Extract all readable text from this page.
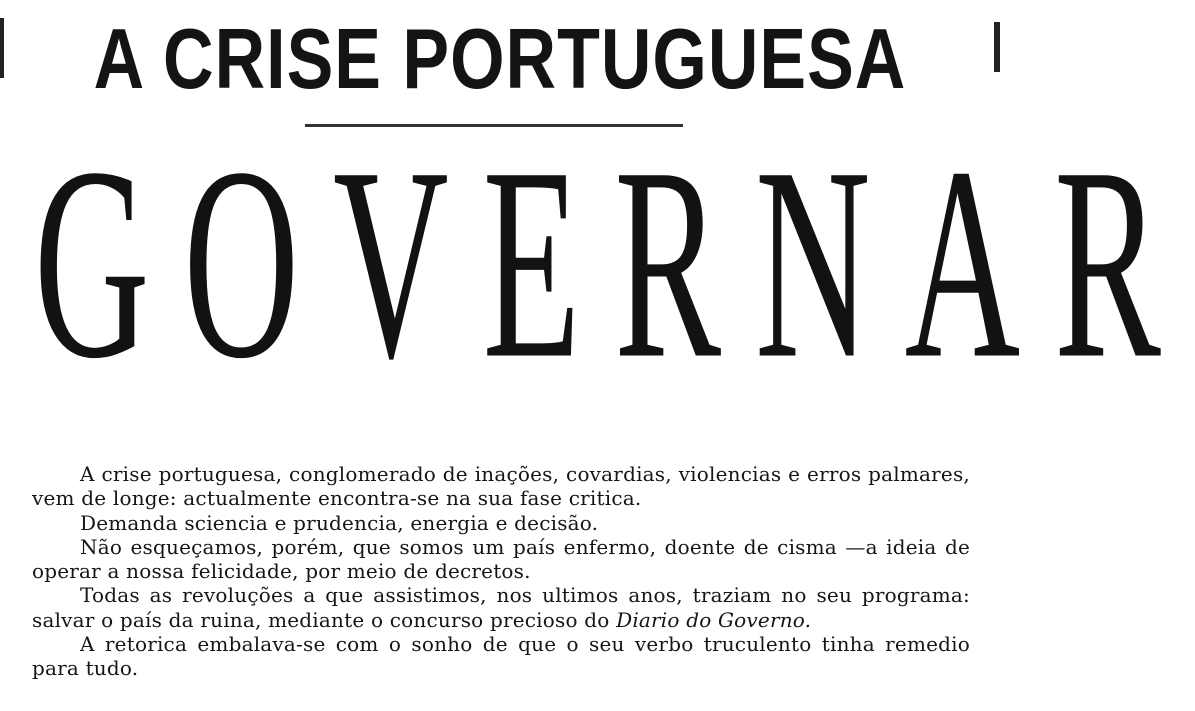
A CRISE PORTUGUESA
GOVERNAR

A crise portuguesa, conglomerado de inações, covardias, violencias e erros palmares, vem de longe: actualmente encontra-se na sua fase critica.

Demanda sciencia e prudencia, energia e decisão.

Não esqueçamos, porém, que somos um país enfermo, doente de cisma —a ideia de operar a nossa felicidade, por meio de decretos.

Todas as revoluções a que assistimos, nos ultimos anos, traziam no seu programa: salvar o país da ruina, mediante o concurso precioso do Diario do Governo.

A retorica embalava-se com o sonho de que o seu verbo truculento tinha remedio para tudo.
